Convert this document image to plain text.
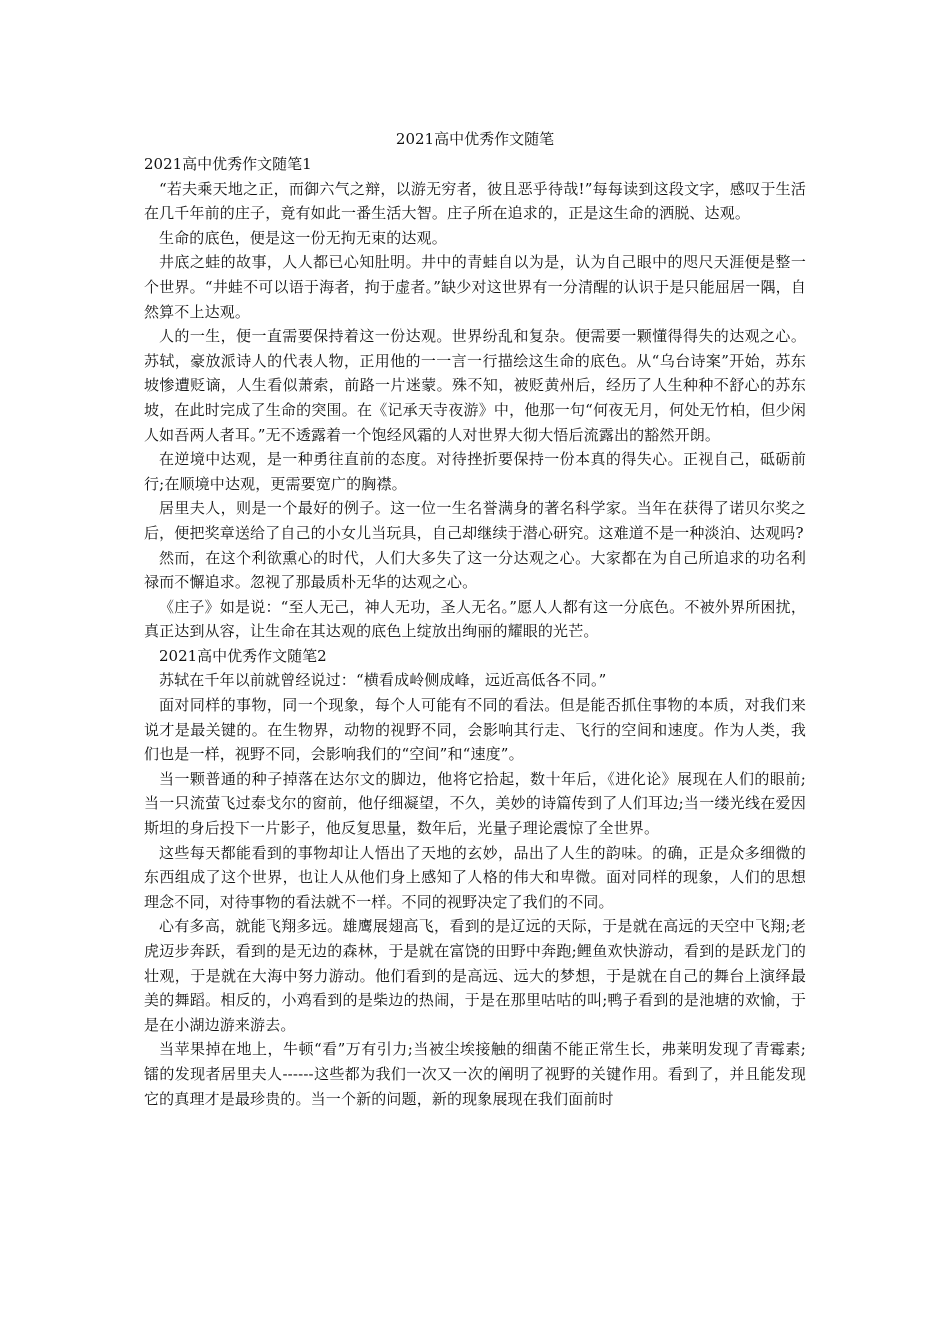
2021高中优秀作文随笔
2021高中优秀作文随笔1

“若夫乘天地之正，而御六气之辩，以游无穷者，彼且恶乎待哉!”每每读到这段文字，感叹于生活在几千年前的庄子，竟有如此一番生活大智。庄子所在追求的，正是这生命的洒脱、达观。

生命的底色，便是这一份无拘无束的达观。

井底之蛙的故事，人人都已心知肚明。井中的青蛙自以为是，认为自己眼中的咫尺天涯便是整一个世界。“井蛙不可以语于海者，拘于虚者。”缺少对这世界有一分清醒的认识于是只能屈居一隅，自然算不上达观。

人的一生，便一直需要保持着这一份达观。世界纷乱和复杂。便需要一颗懂得得失的达观之心。苏轼，豪放派诗人的代表人物，正用他的一一言一行描绘这生命的底色。从“乌台诗案”开始，苏东坡惨遭贬谪，人生看似萧索，前路一片迷蒙。殊不知，被贬黄州后，经历了人生种种不舒心的苏东坡，在此时完成了生命的突围。在《记承天寺夜游》中，他那一句“何夜无月，何处无竹柏，但少闲人如吾两人者耳。”无不透露着一个饱经风霜的人对世界大彻大悟后流露出的豁然开朗。

在逆境中达观，是一种勇往直前的态度。对待挫折要保持一份本真的得失心。正视自己，砥砺前行;在顺境中达观，更需要宽广的胸襟。

居里夫人，则是一个最好的例子。这一位一生名誉满身的著名科学家。当年在获得了诺贝尔奖之后，便把奖章送给了自己的小女儿当玩具，自己却继续于潜心研究。这难道不是一种淡泊、达观吗?

然而，在这个利欲熏心的时代，人们大多失了这一分达观之心。大家都在为自己所追求的功名利禄而不懈追求。忽视了那最质朴无华的达观之心。

《庄子》如是说：“至人无己，神人无功，圣人无名。”愿人人都有这一分底色。不被外界所困扰，真正达到从容，让生命在其达观的底色上绽放出绚丽的耀眼的光芒。

2021高中优秀作文随笔2

苏轼在千年以前就曾经说过：“横看成岭侧成峰，远近高低各不同。”

面对同样的事物，同一个现象，每个人可能有不同的看法。但是能否抓住事物的本质，对我们来说才是最关键的。在生物界，动物的视野不同，会影响其行走、飞行的空间和速度。作为人类，我们也是一样，视野不同，会影响我们的“空间”和“速度”。

当一颗普通的种子掉落在达尔文的脚边，他将它拾起，数十年后，《进化论》展现在人们的眼前;当一只流萤飞过泰戈尔的窗前，他仔细凝望，不久，美妙的诗篇传到了人们耳边;当一缕光线在爱因斯坦的身后投下一片影子，他反复思量，数年后，光量子理论震惊了全世界。

这些每天都能看到的事物却让人悟出了天地的玄妙，品出了人生的韵味。的确，正是众多细微的东西组成了这个世界，也让人从他们身上感知了人格的伟大和卑微。面对同样的现象，人们的思想理念不同，对待事物的看法就不一样。不同的视野决定了我们的不同。

心有多高，就能飞翔多远。雄鹰展翅高飞，看到的是辽远的天际，于是就在高远的天空中飞翔;老虎迈步奔跃，看到的是无边的森林，于是就在富饶的田野中奔跑;鲤鱼欢快游动，看到的是跃龙门的壮观，于是就在大海中努力游动。他们看到的是高远、远大的梦想，于是就在自己的舞台上演绎最美的舞蹈。相反的，小鸡看到的是柴边的热闹，于是在那里咕咕的叫;鸭子看到的是池塘的欢愉，于是在小湖边游来游去。

当苹果掉在地上，牛顿“看”万有引力;当被尘埃接触的细菌不能正常生长，弗莱明发现了青霉素;镭的发现者居里夫人------这些都为我们一次又一次的阐明了视野的关键作用。看到了，并且能发现它的真理才是最珍贵的。当一个新的问题，新的现象展现在我们面前时
